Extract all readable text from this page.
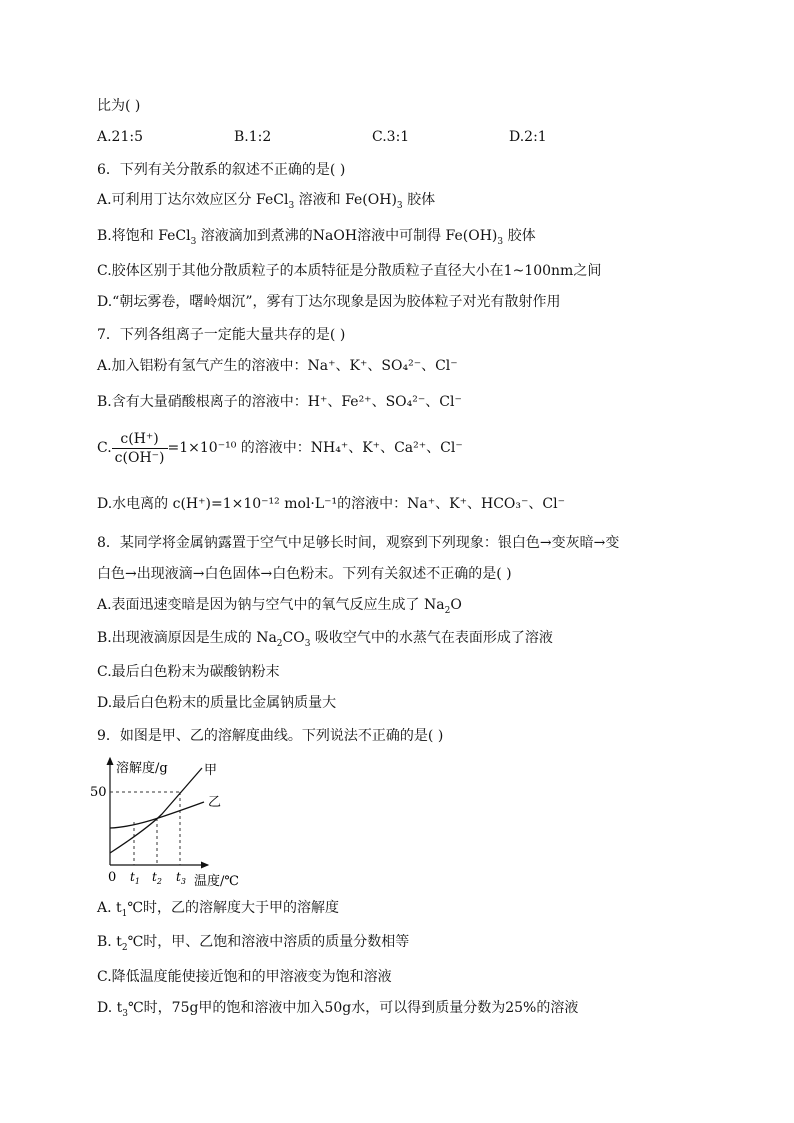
比为( )
A.21:5	B.1:2	C.3:1	D.2:1
6．下列有关分散系的叙述不正确的是( )
A.可利用丁达尔效应区分 FeCl$_3$ 溶液和 $Fe(OH)_3$ 胶体
B.将饱和 FeCl$_3$ 溶液滴加到煮沸的NaOH溶液中可制得 $Fe(OH)_3$ 胶体
C.胶体区别于其他分散质粒子的本质特征是分散质粒子直径大小在1~100nm之间
D.“朝坛雾卷，曙岭烟沉”，雾有丁达尔现象是因为胶体粒子对光有散射作用
7．下列各组离子一定能大量共存的是( )
A.加入铝粉有氢气产生的溶液中：Na⁺、K⁺、SO₄²⁻、Cl⁻
B.含有大量硝酸根离子的溶液中：H⁺、Fe²⁺、SO₄²⁻、Cl⁻
C. $\frac{c(H^+)}{c(OH^-)} =1\times 10^{-10}$ 的溶液中：NH₄⁺、K⁺、Ca²⁺、Cl⁻
D.水电离的 c(H⁺)=1×10⁻¹² mol·L⁻¹的溶液中：Na⁺、K⁺、HCO₃⁻、Cl⁻
8．某同学将金属钠露置于空气中足够长时间，观察到下列现象：银白色→变灰暗→变
白色→出现液滴→白色固体→白色粉末。下列有关叙述不正确的是( )
A.表面迅速变暗是因为钠与空气中的氧气反应生成了 $Na_2O$
B.出现液滴原因是生成的 $Na_2CO_3$ 吸收空气中的水蒸气在表面形成了溶液
C.最后白色粉末为碳酸钠粉末
D.最后白色粉末的质量比金属钠质量大
9．如图是甲、乙的溶解度曲线。下列说法不正确的是( )
溶解度/g	甲
乙
50
0 $t_1$ $t_2$ $t_3$ 温度/℃
A. $t_1℃$时，乙的溶解度大于甲的溶解度
B. $t_2℃$时，甲、乙饱和溶液中溶质的质量分数相等
C.降低温度能使接近饱和的甲溶液变为饱和溶液
D. $t_3℃$时，75g甲的饱和溶液中加入50g水，可以得到质量分数为25%的溶液
